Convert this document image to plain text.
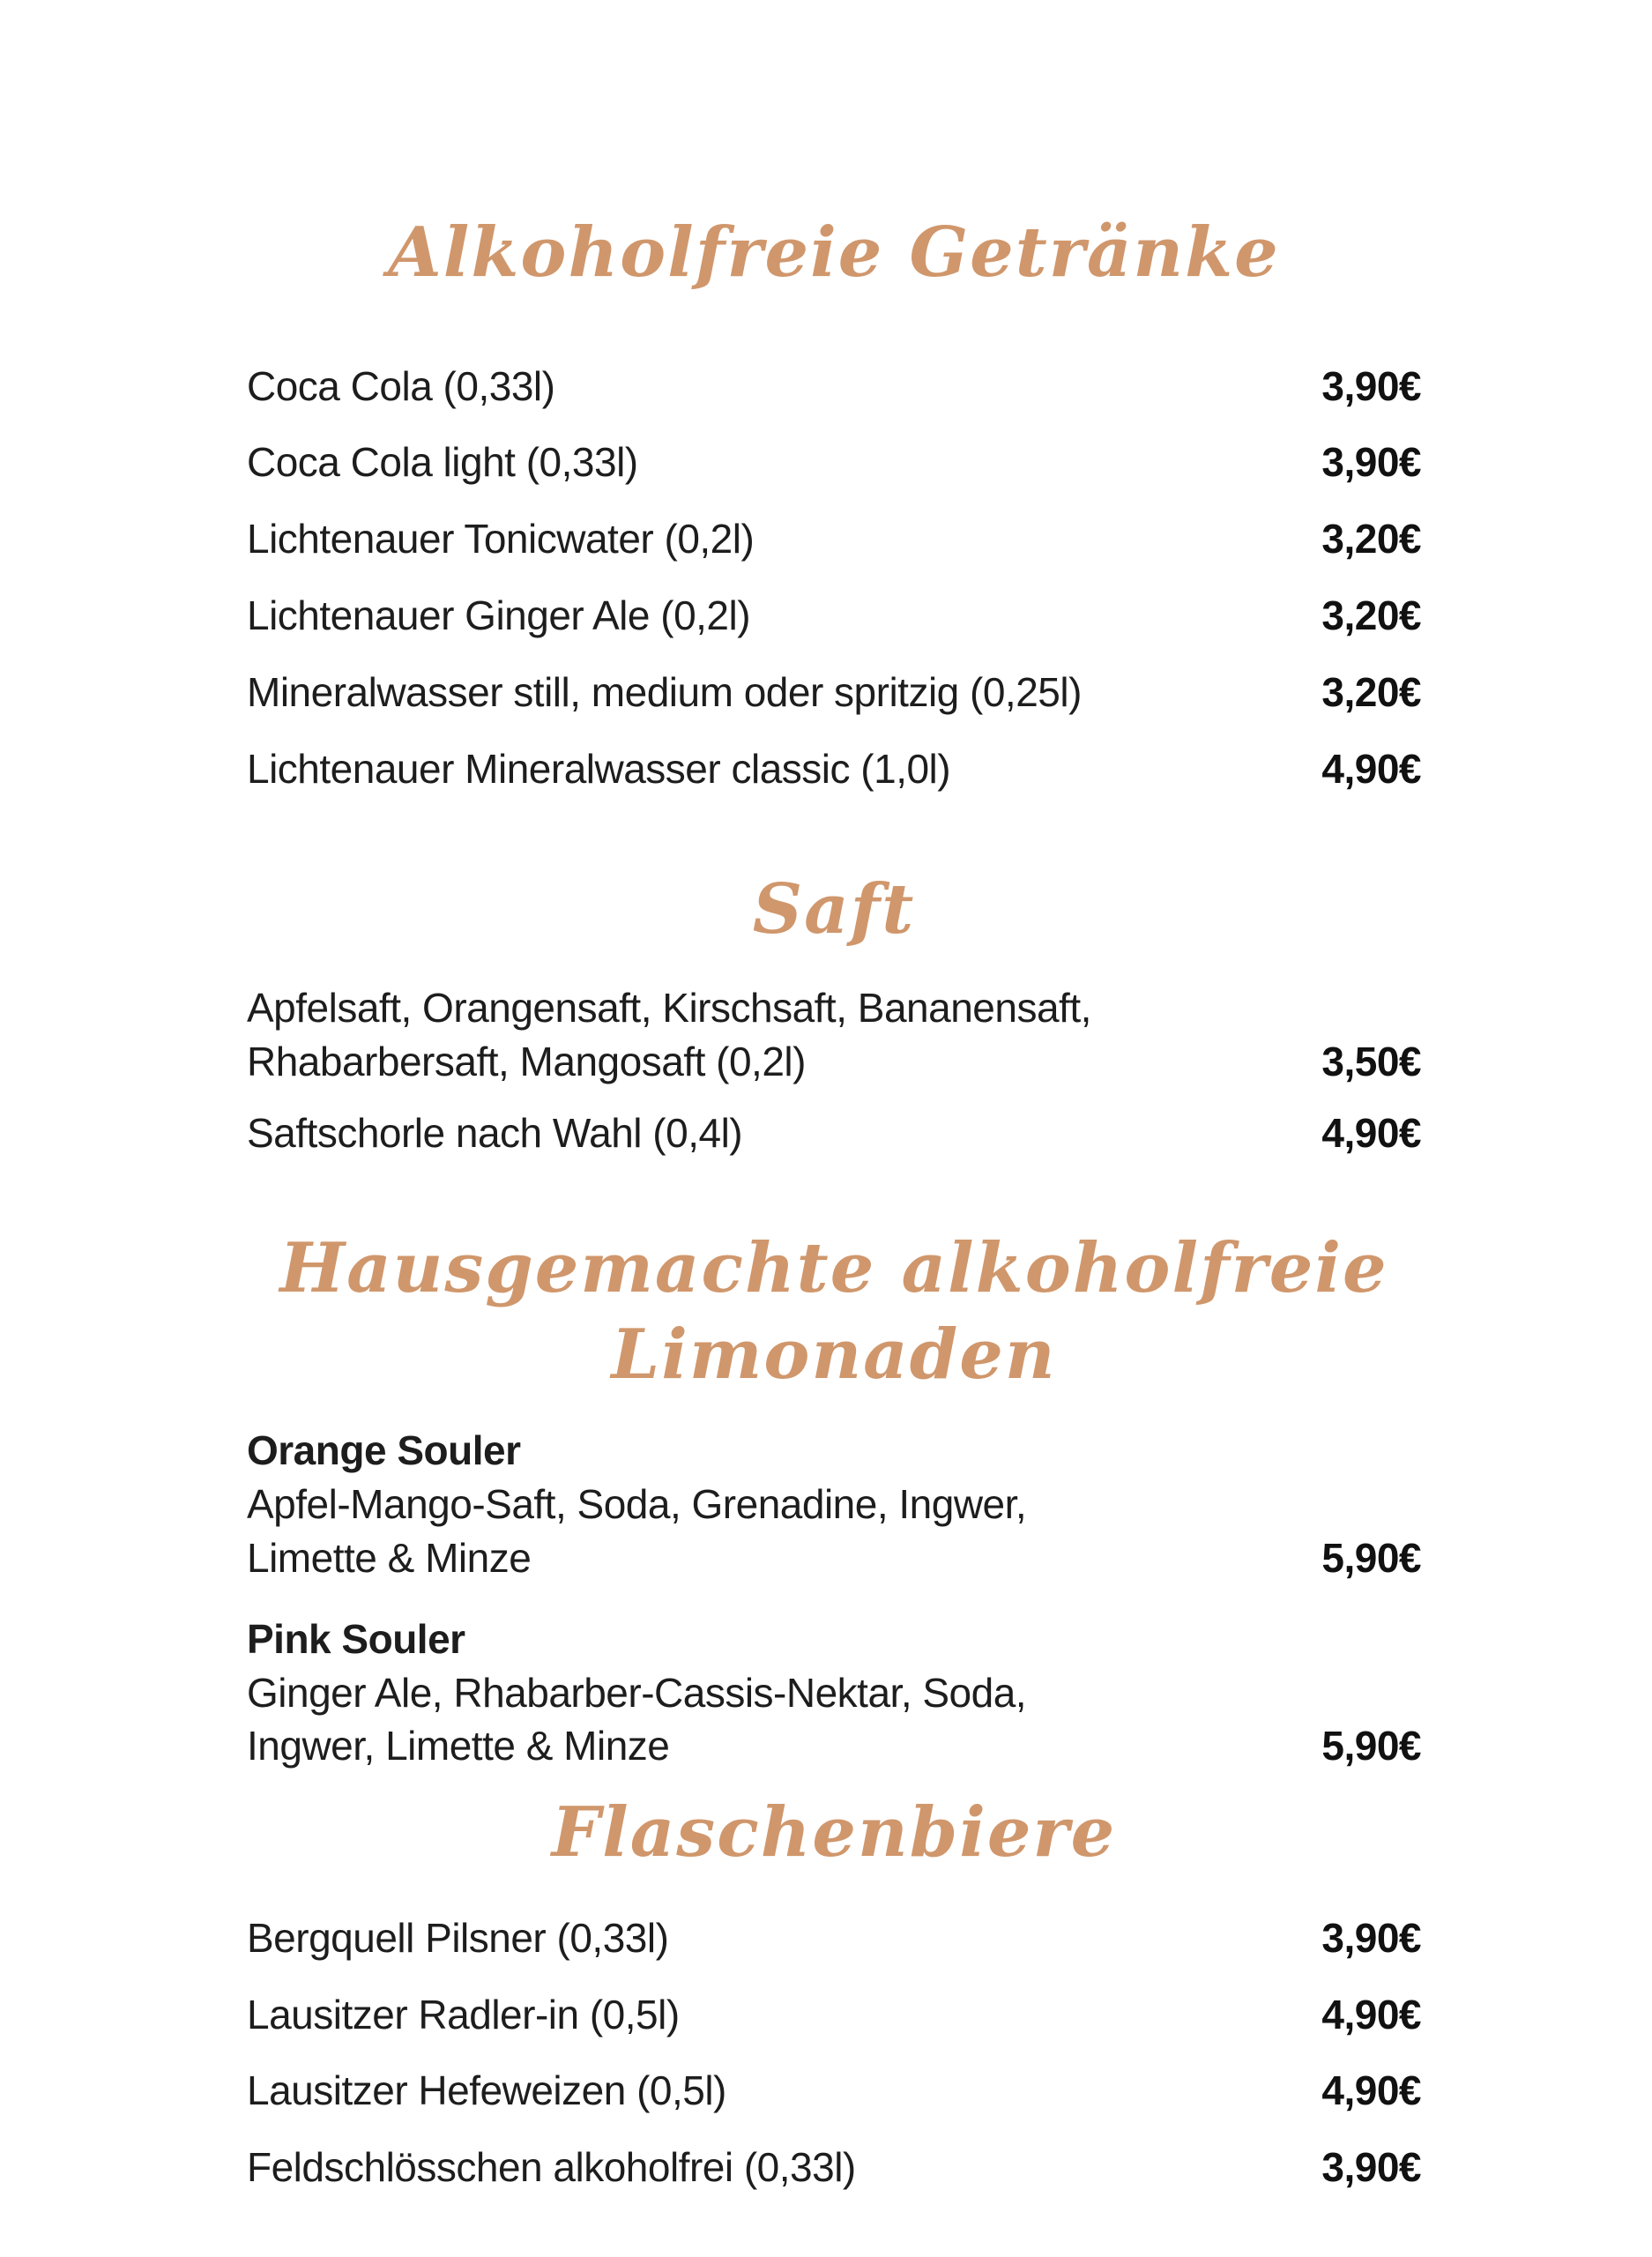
Alkoholfreie Getränke
Coca Cola (0,33l)	3,90€
Coca Cola light (0,33l)	3,90€
Lichtenauer Tonicwater (0,2l)	3,20€
Lichtenauer Ginger Ale (0,2l)	3,20€
Mineralwasser still, medium oder spritzig (0,25l)	3,20€
Lichtenauer Mineralwasser classic (1,0l)	4,90€
Saft
Apfelsaft, Orangensaft, Kirschsaft, Bananensaft,
Rhabarbersaft, Mangosaft (0,2l)	3,50€
Saftschorle nach Wahl (0,4l)	4,90€
Hausgemachte alkoholfreie Limonaden
Orange Souler
Apfel-Mango-Saft, Soda, Grenadine, Ingwer,
Limette & Minze	5,90€
Pink Souler
Ginger Ale, Rhabarber-Cassis-Nektar, Soda,
Ingwer, Limette & Minze	5,90€
Flaschenbiere
Bergquell Pilsner (0,33l)	3,90€
Lausitzer Radler-in (0,5l)	4,90€
Lausitzer Hefeweizen (0,5l)	4,90€
Feldschlösschen alkoholfrei (0,33l)	3,90€
